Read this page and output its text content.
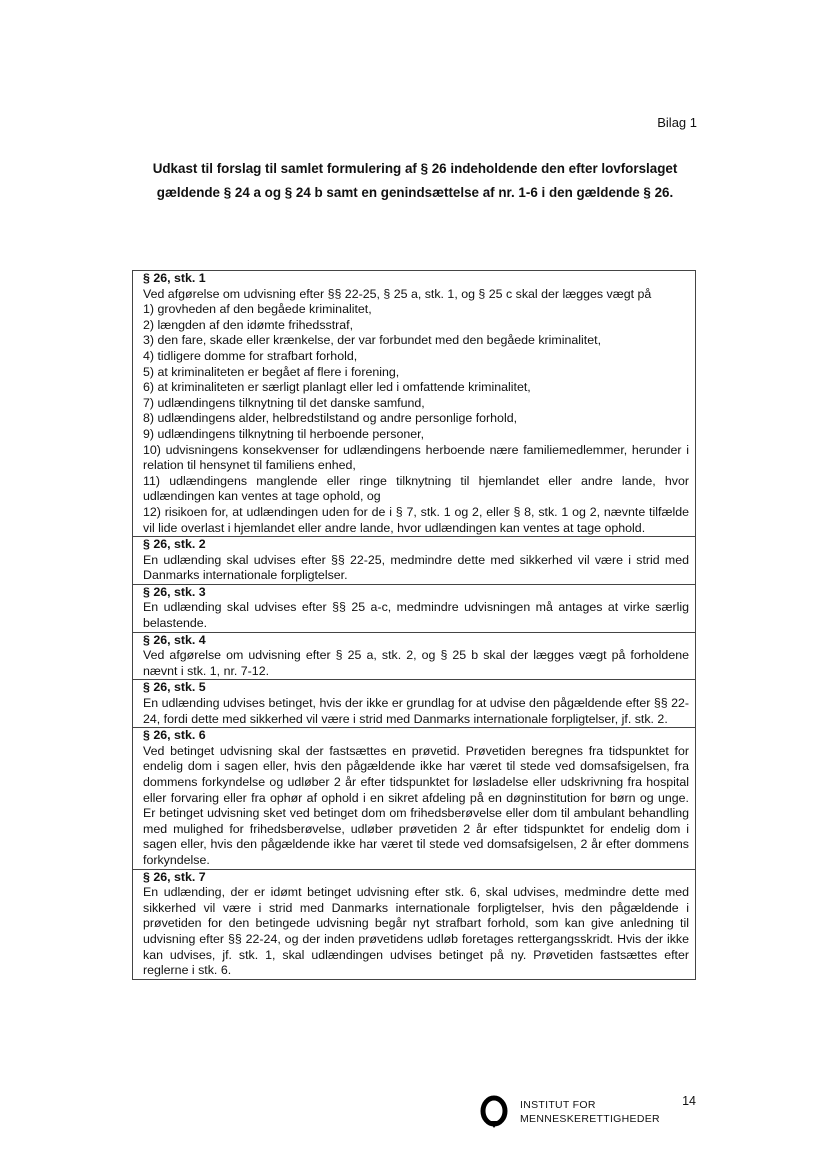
Bilag 1
Udkast til forslag til samlet formulering af § 26 indeholdende den efter lovforslaget gældende § 24 a og § 24 b samt en genindsættelse af nr. 1-6 i den gældende § 26.
§ 26, stk. 1
Ved afgørelse om udvisning efter §§ 22-25, § 25 a, stk. 1, og § 25 c skal der lægges vægt på
1) grovheden af den begåede kriminalitet,
2) længden af den idømte frihedsstraf,
3) den fare, skade eller krænkelse, der var forbundet med den begåede kriminalitet,
4) tidligere domme for strafbart forhold,
5) at kriminaliteten er begået af flere i forening,
6) at kriminaliteten er særligt planlagt eller led i omfattende kriminalitet,
7) udlændingens tilknytning til det danske samfund,
8) udlændingens alder, helbredstilstand og andre personlige forhold,
9) udlændingens tilknytning til herboende personer,
10) udvisningens konsekvenser for udlændingens herboende nære familiemedlemmer, herunder i relation til hensynet til familiens enhed,
11) udlændingens manglende eller ringe tilknytning til hjemlandet eller andre lande, hvor udlændingen kan ventes at tage ophold, og
12) risikoen for, at udlændingen uden for de i § 7, stk. 1 og 2, eller § 8, stk. 1 og 2, nævnte tilfælde vil lide overlast i hjemlandet eller andre lande, hvor udlændingen kan ventes at tage ophold.
§ 26, stk. 2
En udlænding skal udvises efter §§ 22-25, medmindre dette med sikkerhed vil være i strid med Danmarks internationale forpligtelser.
§ 26, stk. 3
En udlænding skal udvises efter §§ 25 a-c, medmindre udvisningen må antages at virke særlig belastende.
§ 26, stk. 4
Ved afgørelse om udvisning efter § 25 a, stk. 2, og § 25 b skal der lægges vægt på forholdene nævnt i stk. 1, nr. 7-12.
§ 26, stk. 5
En udlænding udvises betinget, hvis der ikke er grundlag for at udvise den pågældende efter §§ 22-24, fordi dette med sikkerhed vil være i strid med Danmarks internationale forpligtelser, jf. stk. 2.
§ 26, stk. 6
Ved betinget udvisning skal der fastsættes en prøvetid. Prøvetiden beregnes fra tidspunktet for endelig dom i sagen eller, hvis den pågældende ikke har været til stede ved domsafsigelsen, fra dommens forkyndelse og udløber 2 år efter tidspunktet for løsladelse eller udskrivning fra hospital eller forvaring eller fra ophør af ophold i en sikret afdeling på en døgninstitution for børn og unge. Er betinget udvisning sket ved betinget dom om frihedsberøvelse eller dom til ambulant behandling med mulighed for frihedsberøvelse, udløber prøvetiden 2 år efter tidspunktet for endelig dom i sagen eller, hvis den pågældende ikke har været til stede ved domsafsigelsen, 2 år efter dommens forkyndelse.
§ 26, stk. 7
En udlænding, der er idømt betinget udvisning efter stk. 6, skal udvises, medmindre dette med sikkerhed vil være i strid med Danmarks internationale forpligtelser, hvis den pågældende i prøvetiden for den betingede udvisning begår nyt strafbart forhold, som kan give anledning til udvisning efter §§ 22-24, og der inden prøvetidens udløb foretages rettergangsskridt. Hvis der ikke kan udvises, jf. stk. 1, skal udlændingen udvises betinget på ny. Prøvetiden fastsættes efter reglerne i stk. 6.
INSTITUT FOR
MENNESKERETTIGHEDER
14
